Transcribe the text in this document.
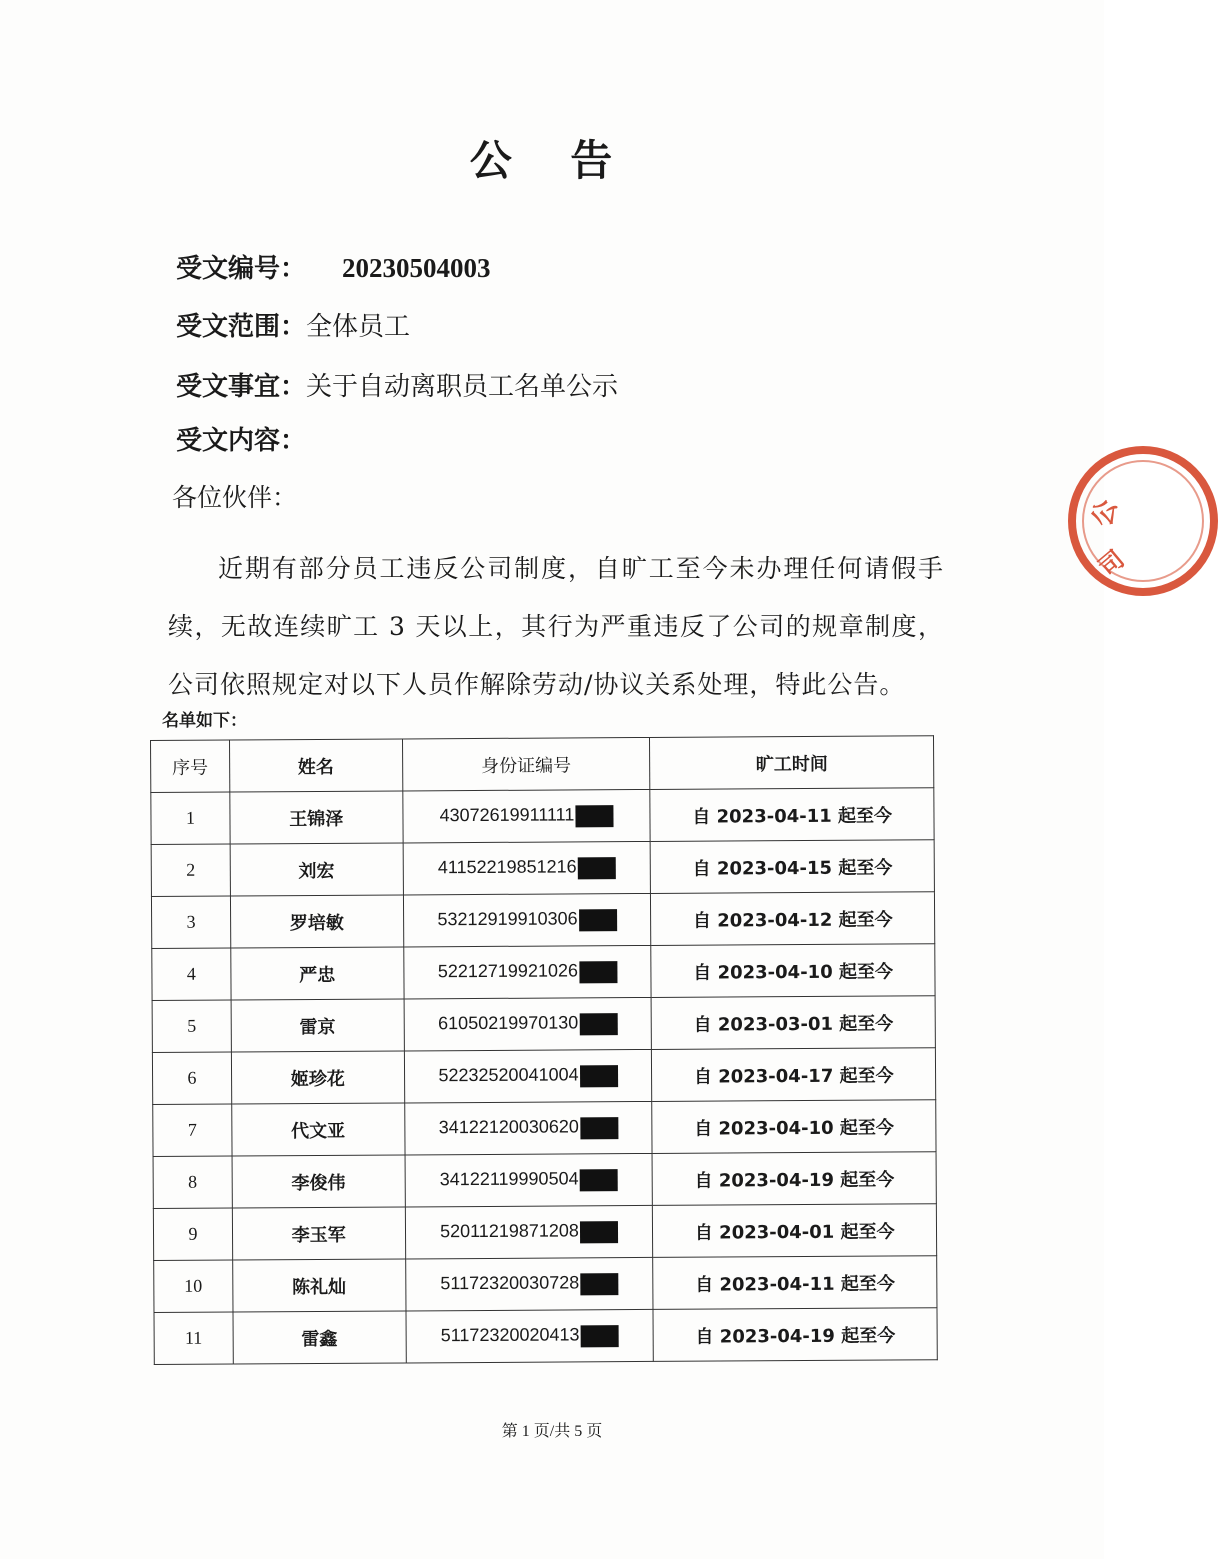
公 告
受文编号： 20230504003
受文范围：全体员工
受文事宜：关于自动离职员工名单公示
受文内容：
各位伙伴：
近期有部分员工违反公司制度，自旷工至今未办理任何请假手续，无故连续旷工 3 天以上，其行为严重违反了公司的规章制度，公司依照规定对以下人员作解除劳动/协议关系处理，特此公告。
名单如下：
序号	姓名	身份证编号	旷工时间
1	王锦泽	43072619911111	自 2023-04-11 起至今
2	刘宏	41152219851216	自 2023-04-15 起至今
3	罗培敏	53212919910306	自 2023-04-12 起至今
4	严忠	52212719921026	自 2023-04-10 起至今
5	雷京	61050219970130	自 2023-03-01 起至今
6	姬珍花	52232520041004	自 2023-04-17 起至今
7	代文亚	34122120030620	自 2023-04-10 起至今
8	李俊伟	34122119990504	自 2023-04-19 起至今
9	李玉军	52011219871208	自 2023-04-01 起至今
10	陈礼灿	51172320030728	自 2023-04-11 起至今
11	雷鑫	51172320020413	自 2023-04-19 起至今
第 1 页/共 5 页
公
司
